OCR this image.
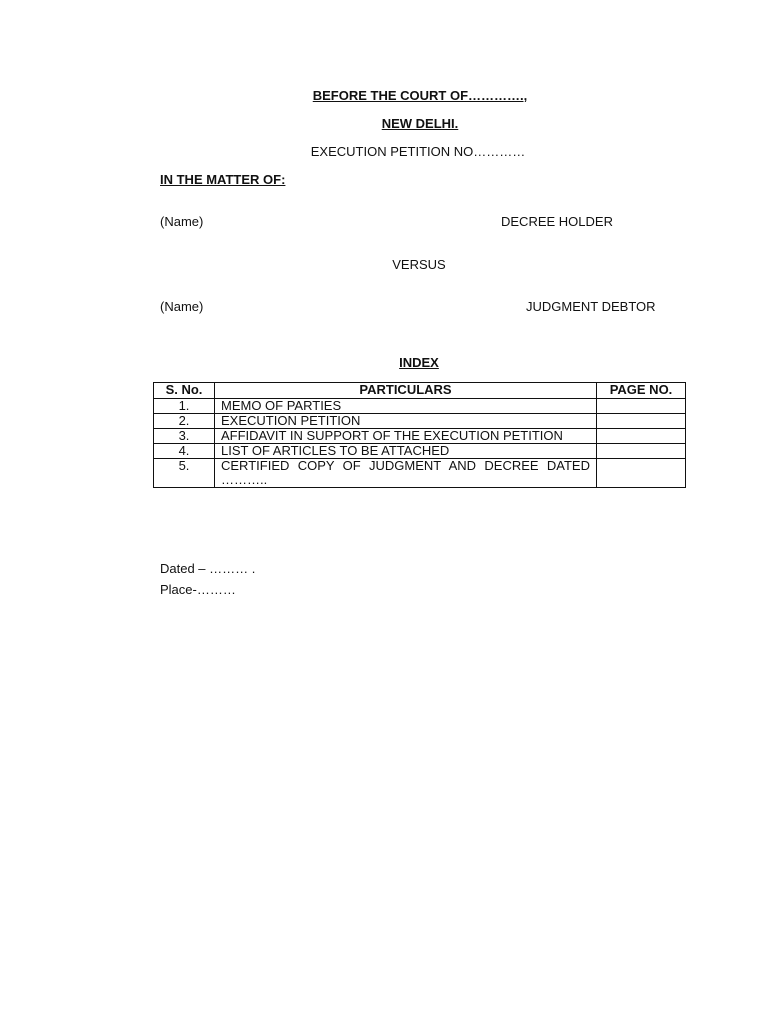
BEFORE THE COURT OF………….,
NEW DELHI.
EXECUTION PETITION NO…………
IN THE MATTER OF:
(Name)	DECREE HOLDER
VERSUS
(Name)	JUDGMENT DEBTOR
INDEX
S. No.	PARTICULARS	PAGE NO.
1.	MEMO OF PARTIES	
2.	EXECUTION PETITION	
3.	AFFIDAVIT IN SUPPORT OF THE EXECUTION PETITION	
4.	LIST OF ARTICLES TO BE ATTACHED	
5.	CERTIFIED COPY OF JUDGMENT AND DECREE DATED ………..	
Dated – ……… .
Place-………
